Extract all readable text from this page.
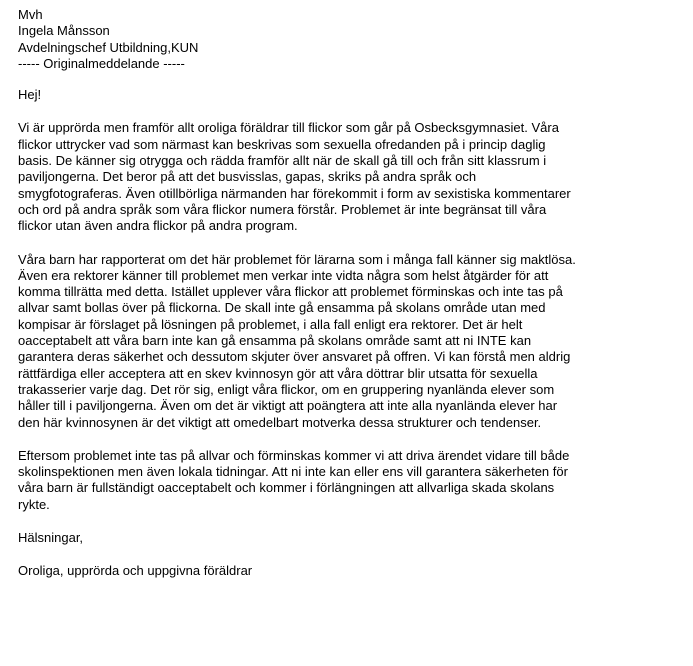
Mvh

Ingela Månsson

Avdelningschef Utbildning,KUN

----- Originalmeddelande -----

Hej!

Vi är upprörda men framför allt oroliga föräldrar till flickor som går på Osbecksgymnasiet. Våra
flickor uttrycker vad som närmast kan beskrivas som sexuella ofredanden på i princip daglig
basis. De känner sig otrygga och rädda framför allt när de skall gå till och från sitt klassrum i
paviljongerna. Det beror på att det busvisslas, gapas, skriks på andra språk och
smygfotograferas. Även otillbörliga närmanden har förekommit i form av sexistiska kommentarer
och ord på andra språk som våra flickor numera förstår. Problemet är inte begränsat till våra
flickor utan även andra flickor på andra program.

Våra barn har rapporterat om det här problemet för lärarna som i många fall känner sig maktlösa.
Även era rektorer känner till problemet men verkar inte vidta några som helst åtgärder för att
komma tillrätta med detta. Istället upplever våra flickor att problemet förminskas och inte tas på
allvar samt bollas över på flickorna. De skall inte gå ensamma på skolans område utan med
kompisar är förslaget på lösningen på problemet, i alla fall enligt era rektorer. Det är helt
oacceptabelt att våra barn inte kan gå ensamma på skolans område samt att ni INTE kan
garantera deras säkerhet och dessutom skjuter över ansvaret på offren. Vi kan förstå men aldrig
rättfärdiga eller acceptera att en skev kvinnosyn gör att våra döttrar blir utsatta för sexuella
trakasserier varje dag. Det rör sig, enligt våra flickor, om en gruppering nyanlända elever som
håller till i paviljongerna. Även om det är viktigt att poängtera att inte alla nyanlända elever har
den här kvinnosynen är det viktigt att omedelbart motverka dessa strukturer och tendenser.

Eftersom problemet inte tas på allvar och förminskas kommer vi att driva ärendet vidare till både
skolinspektionen men även lokala tidningar. Att ni inte kan eller ens vill garantera säkerheten för
våra barn är fullständigt oacceptabelt och kommer i förlängningen att allvarliga skada skolans
rykte.

Hälsningar,

Oroliga, upprörda och uppgivna föräldrar
